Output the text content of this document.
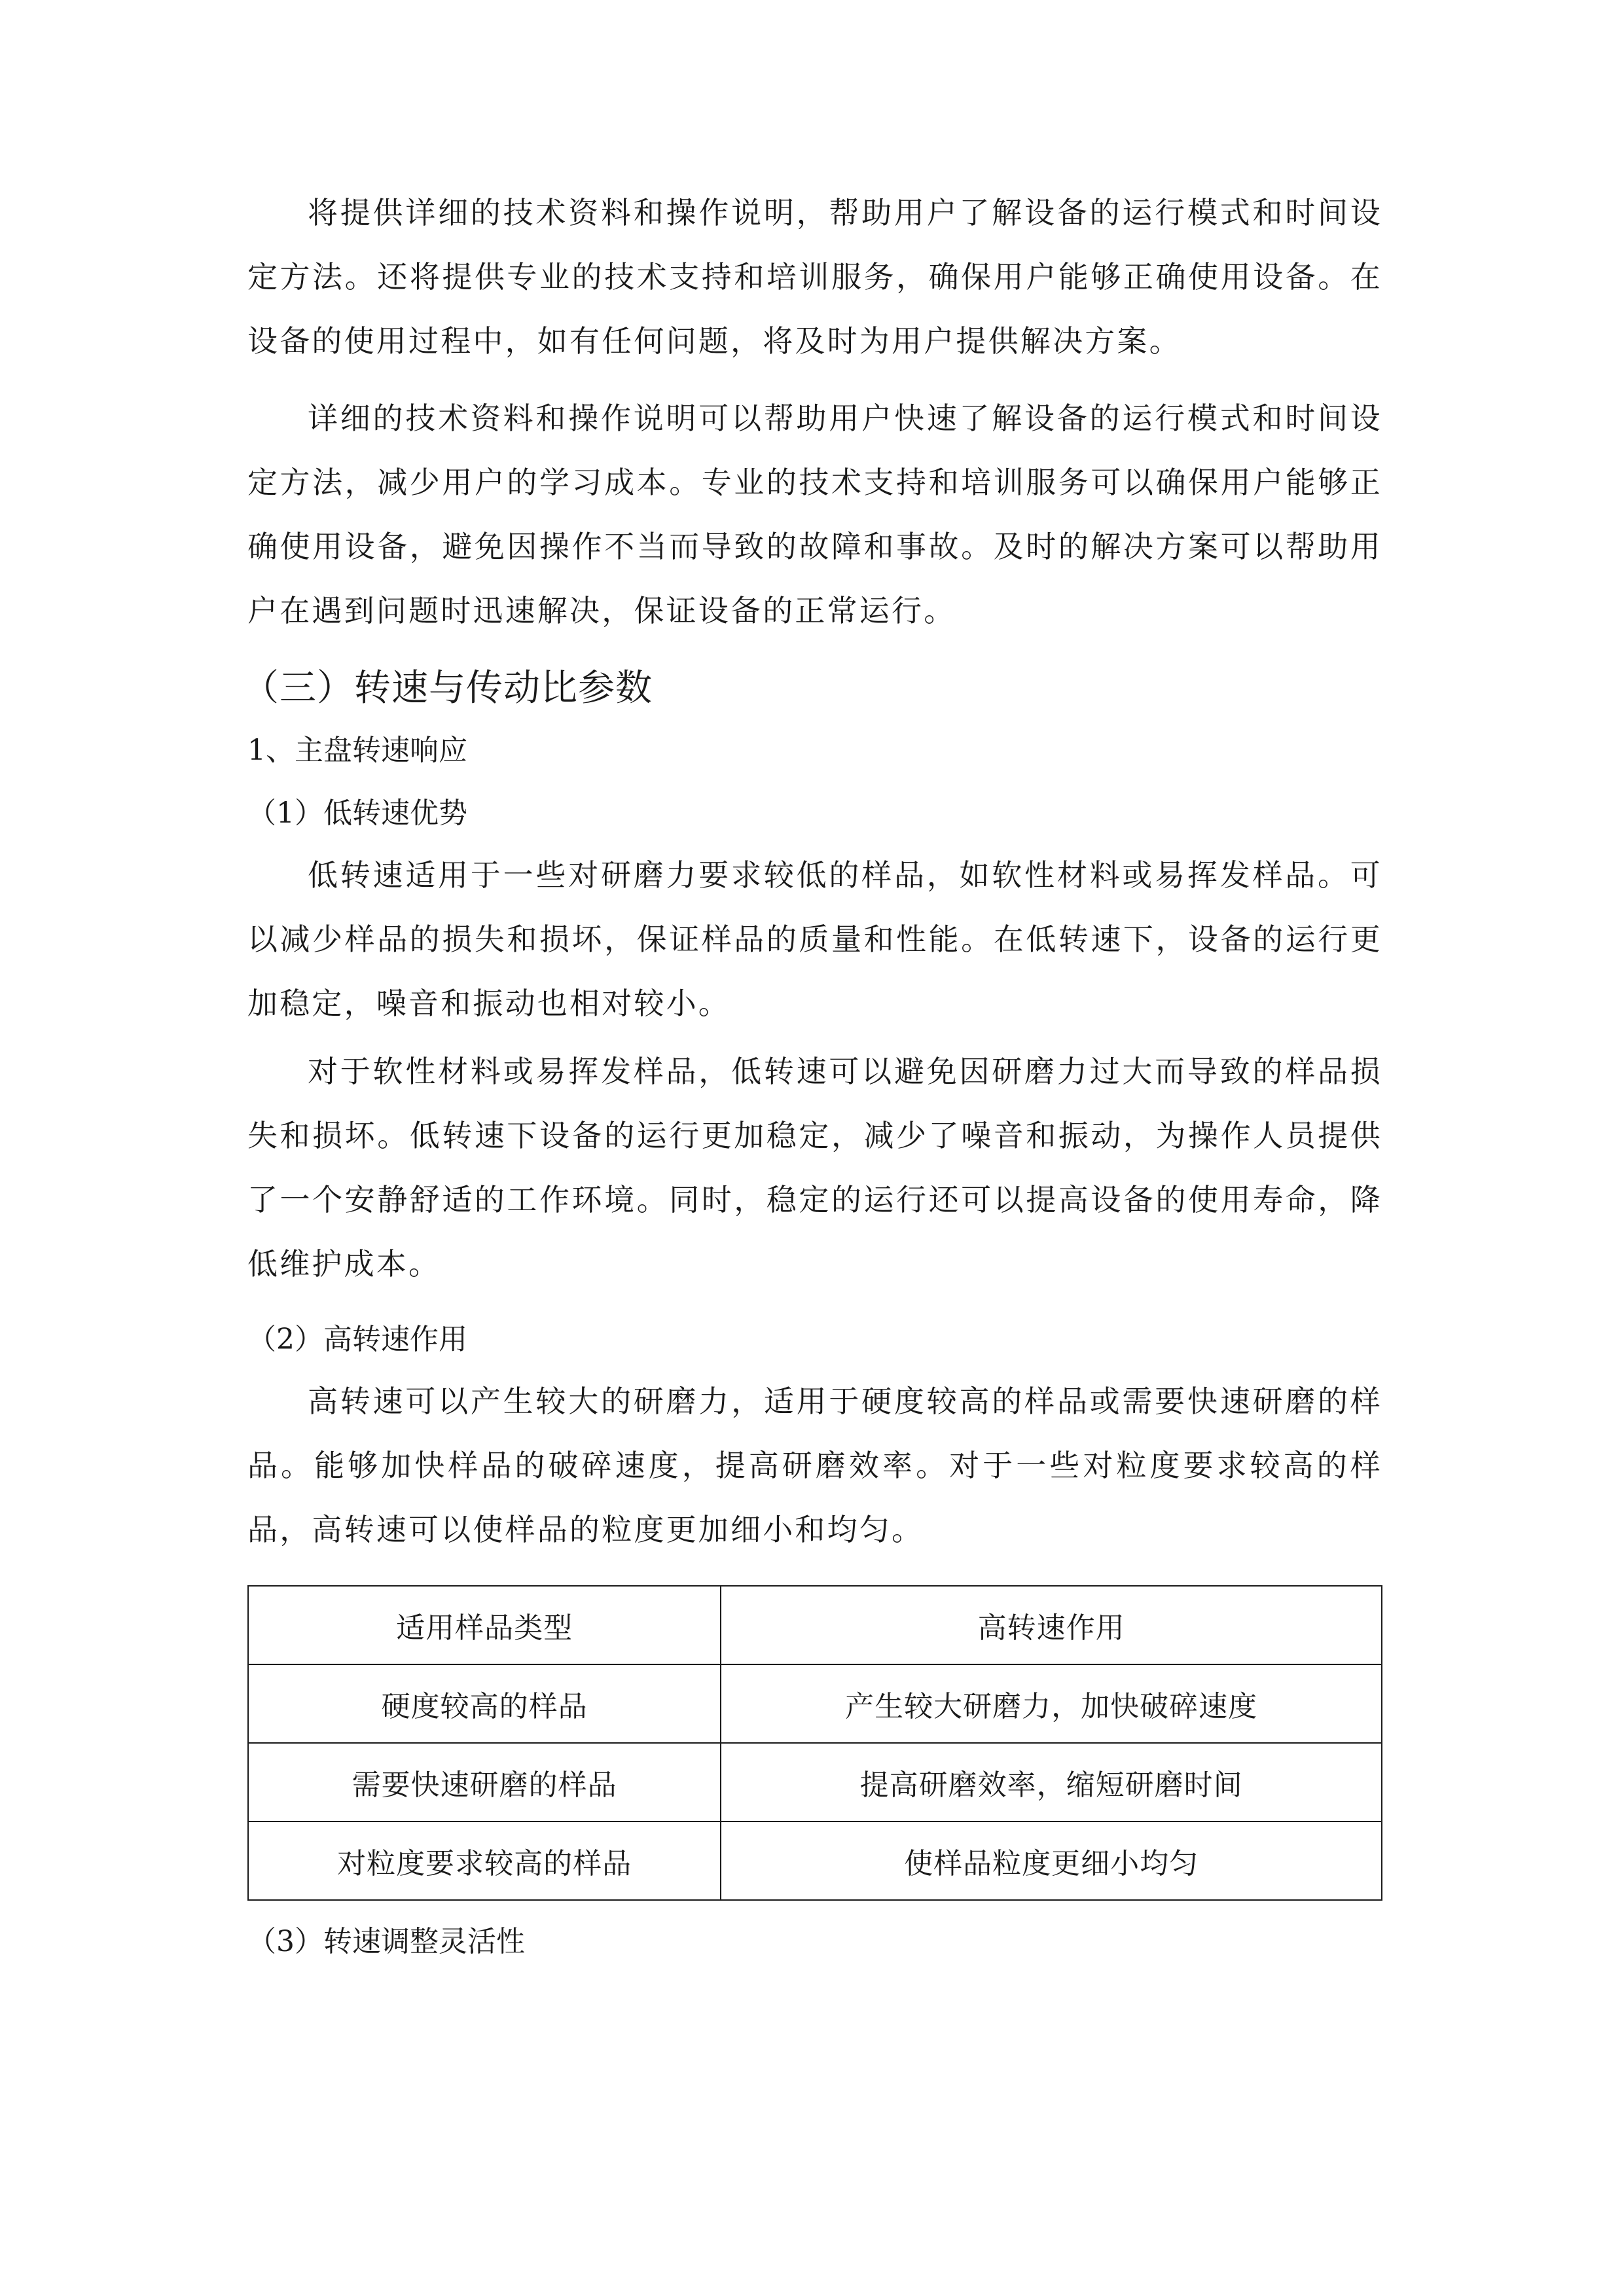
将提供详细的技术资料和操作说明，帮助用户了解设备的运行模式和时间设定方法。还将提供专业的技术支持和培训服务，确保用户能够正确使用设备。在设备的使用过程中，如有任何问题，将及时为用户提供解决方案。

详细的技术资料和操作说明可以帮助用户快速了解设备的运行模式和时间设定方法，减少用户的学习成本。专业的技术支持和培训服务可以确保用户能够正确使用设备，避免因操作不当而导致的故障和事故。及时的解决方案可以帮助用户在遇到问题时迅速解决，保证设备的正常运行。

（三）转速与传动比参数
1、主盘转速响应
（1）低转速优势

低转速适用于一些对研磨力要求较低的样品，如软性材料或易挥发样品。可以减少样品的损失和损坏，保证样品的质量和性能。在低转速下，设备的运行更加稳定，噪音和振动也相对较小。

对于软性材料或易挥发样品，低转速可以避免因研磨力过大而导致的样品损失和损坏。低转速下设备的运行更加稳定，减少了噪音和振动，为操作人员提供了一个安静舒适的工作环境。同时，稳定的运行还可以提高设备的使用寿命，降低维护成本。

（2）高转速作用

高转速可以产生较大的研磨力，适用于硬度较高的样品或需要快速研磨的样品。能够加快样品的破碎速度，提高研磨效率。对于一些对粒度要求较高的样品，高转速可以使样品的粒度更加细小和均匀。

适用样品类型	高转速作用
硬度较高的样品	产生较大研磨力，加快破碎速度
需要快速研磨的样品	提高研磨效率，缩短研磨时间
对粒度要求较高的样品	使样品粒度更细小均匀
（3）转速调整灵活性
